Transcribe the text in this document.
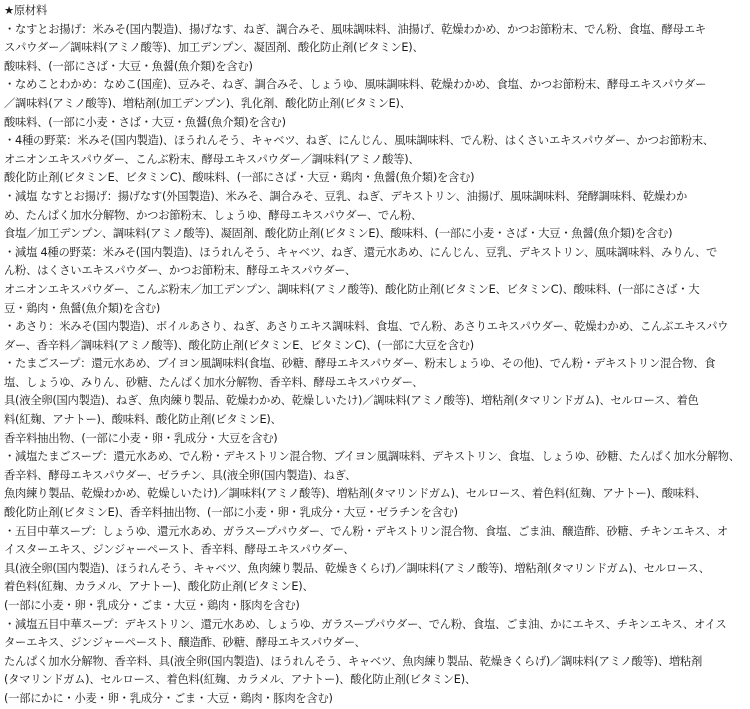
★原材料
・なすとお揚げ：米みそ(国内製造)、揚げなす、ねぎ、調合みそ、風味調味料、油揚げ、乾燥わかめ、かつお節粉末、でん粉、食塩、酵母エキ
スパウダー／調味料(アミノ酸等)、加工デンプン、凝固剤、酸化防止剤(ビタミンE)、
酸味料、(一部にさば・大豆・魚醤(魚介類)を含む)
・なめことわかめ：なめこ(国産)、豆みそ、ねぎ、調合みそ、しょうゆ、風味調味料、乾燥わかめ、食塩、かつお節粉末、酵母エキスパウダー
／調味料(アミノ酸等)、増粘剤(加工デンプン)、乳化剤、酸化防止剤(ビタミンE)、
酸味料、(一部に小麦・さば・大豆・魚醤(魚介類)を含む)
・4種の野菜：米みそ(国内製造)、ほうれんそう、キャベツ、ねぎ、にんじん、風味調味料、でん粉、はくさいエキスパウダー、かつお節粉末、
オニオンエキスパウダー、こんぶ粉末、酵母エキスパウダー／調味料(アミノ酸等)、
酸化防止剤(ビタミンE、ビタミンC)、酸味料、(一部にさば・大豆・鶏肉・魚醤(魚介類)を含む)
・減塩 なすとお揚げ：揚げなす(外国製造)、米みそ、調合みそ、豆乳、ねぎ、デキストリン、油揚げ、風味調味料、発酵調味料、乾燥わか
め、たんぱく加水分解物、かつお節粉末、しょうゆ、酵母エキスパウダー、でん粉、
食塩／加工デンプン、調味料(アミノ酸等)、凝固剤、酸化防止剤(ビタミンE)、酸味料、(一部に小麦・さば・大豆・魚醤(魚介類)を含む)
・減塩 4種の野菜：米みそ(国内製造)、ほうれんそう、キャベツ、ねぎ、還元水あめ、にんじん、豆乳、デキストリン、風味調味料、みりん、で
ん粉、はくさいエキスパウダー、かつお節粉末、酵母エキスパウダー、
オニオンエキスパウダー、こんぶ粉末／加工デンプン、調味料(アミノ酸等)、酸化防止剤(ビタミンE、ビタミンC)、酸味料、(一部にさば・大
豆・鶏肉・魚醤(魚介類)を含む)
・あさり：米みそ(国内製造)、ボイルあさり、ねぎ、あさりエキス調味料、食塩、でん粉、あさりエキスパウダー、乾燥わかめ、こんぶエキスパウ
ダー、香辛料／調味料(アミノ酸等)、酸化防止剤(ビタミンE、ビタミンC)、(一部に大豆を含む)
・たまごスープ：還元水あめ、ブイヨン風調味料(食塩、砂糖、酵母エキスパウダー、粉末しょうゆ、その他)、でん粉・デキストリン混合物、食
塩、しょうゆ、みりん、砂糖、たんぱく加水分解物、香辛料、酵母エキスパウダー、
具(液全卵(国内製造)、ねぎ、魚肉練り製品、乾燥わかめ、乾燥しいたけ)／調味料(アミノ酸等)、増粘剤(タマリンドガム)、セルロース、着色
料(紅麹、アナトー)、酸味料、酸化防止剤(ビタミンE)、
香辛料抽出物、(一部に小麦・卵・乳成分・大豆を含む)
・減塩たまごスープ：還元水あめ、でん粉・デキストリン混合物、ブイヨン風調味料、デキストリン、食塩、しょうゆ、砂糖、たんぱく加水分解物、
香辛料、酵母エキスパウダー、ゼラチン、具(液全卵(国内製造)、ねぎ、
魚肉練り製品、乾燥わかめ、乾燥しいたけ)／調味料(アミノ酸等)、増粘剤(タマリンドガム)、セルロース、着色料(紅麹、アナトー)、酸味料、
酸化防止剤(ビタミンE)、香辛料抽出物、(一部に小麦・卵・乳成分・大豆・ゼラチンを含む)
・五目中華スープ：しょうゆ、還元水あめ、ガラスープパウダー、でん粉・デキストリン混合物、食塩、ごま油、醸造酢、砂糖、チキンエキス、オ
イスターエキス、ジンジャーペースト、香辛料、酵母エキスパウダー、
具(液全卵(国内製造)、ほうれんそう、キャベツ、魚肉練り製品、乾燥きくらげ)／調味料(アミノ酸等)、増粘剤(タマリンドガム)、セルロース、
着色料(紅麹、カラメル、アナトー)、酸化防止剤(ビタミンE)、
(一部に小麦・卵・乳成分・ごま・大豆・鶏肉・豚肉を含む)
・減塩五目中華スープ：デキストリン、還元水あめ、しょうゆ、ガラスープパウダー、でん粉、食塩、ごま油、かにエキス、チキンエキス、オイス
ターエキス、ジンジャーペースト、醸造酢、砂糖、酵母エキスパウダー、
たんぱく加水分解物、香辛料、具(液全卵(国内製造)、ほうれんそう、キャベツ、魚肉練り製品、乾燥きくらげ)／調味料(アミノ酸等)、増粘剤
(タマリンドガム)、セルロース、着色料(紅麹、カラメル、アナトー)、酸化防止剤(ビタミンE)、
(一部にかに・小麦・卵・乳成分・ごま・大豆・鶏肉・豚肉を含む)
